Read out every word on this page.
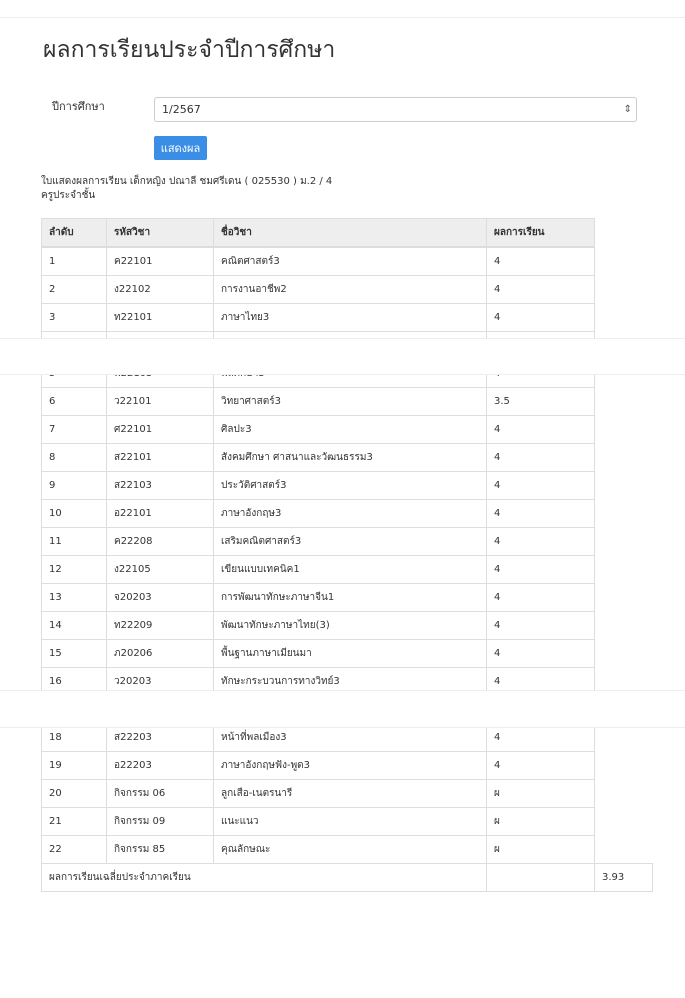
ผลการเรียนประจำปีการศึกษา
ปีการศึกษา	1/2567	⇕
แสดงผล
ใบแสดงผลการเรียน เด็กหญิง ปณาลี ชมศรีเดน ( 025530 ) ม.2 / 4
ครูประจำชั้น
ลำดับ	รหัสวิชา	ชื่อวิชา	ผลการเรียน	
1	ค22101	คณิตศาสตร์3	4	
2	ง22102	การงานอาชีพ2	4	
3	ท22101	ภาษาไทย3	4	

6	ว22101	วิทยาศาสตร์3	3.5	
7	ศ22101	ศิลปะ3	4	
8	ส22101	สังคมศึกษา ศาสนาและวัฒนธรรม3	4	
9	ส22103	ประวัติศาสตร์3	4	
10	อ22101	ภาษาอังกฤษ3	4	
11	ค22208	เสริมคณิตศาสตร์3	4	
12	ง22105	เขียนแบบเทคนิค1	4	
13	จ20203	การพัฒนาทักษะภาษาจีน1	4	
14	ท22209	พัฒนาทักษะภาษาไทย(3)	4	
15	ภ20206	พื้นฐานภาษาเมียนมา	4	
16	ว20203	ทักษะกระบวนการทางวิทย์3	4	

18	ส22203	หน้าที่พลเมือง3	4	
19	อ22203	ภาษาอังกฤษฟัง-พูด3	4	
20	กิจกรรม 06	ลูกเสือ-เนตรนารี	ผ	
21	กิจกรรม 09	แนะแนว	ผ	
22	กิจกรรม 85	คุณลักษณะ	ผ	
ผลการเรียนเฉลี่ยประจำภาคเรียน				3.93
